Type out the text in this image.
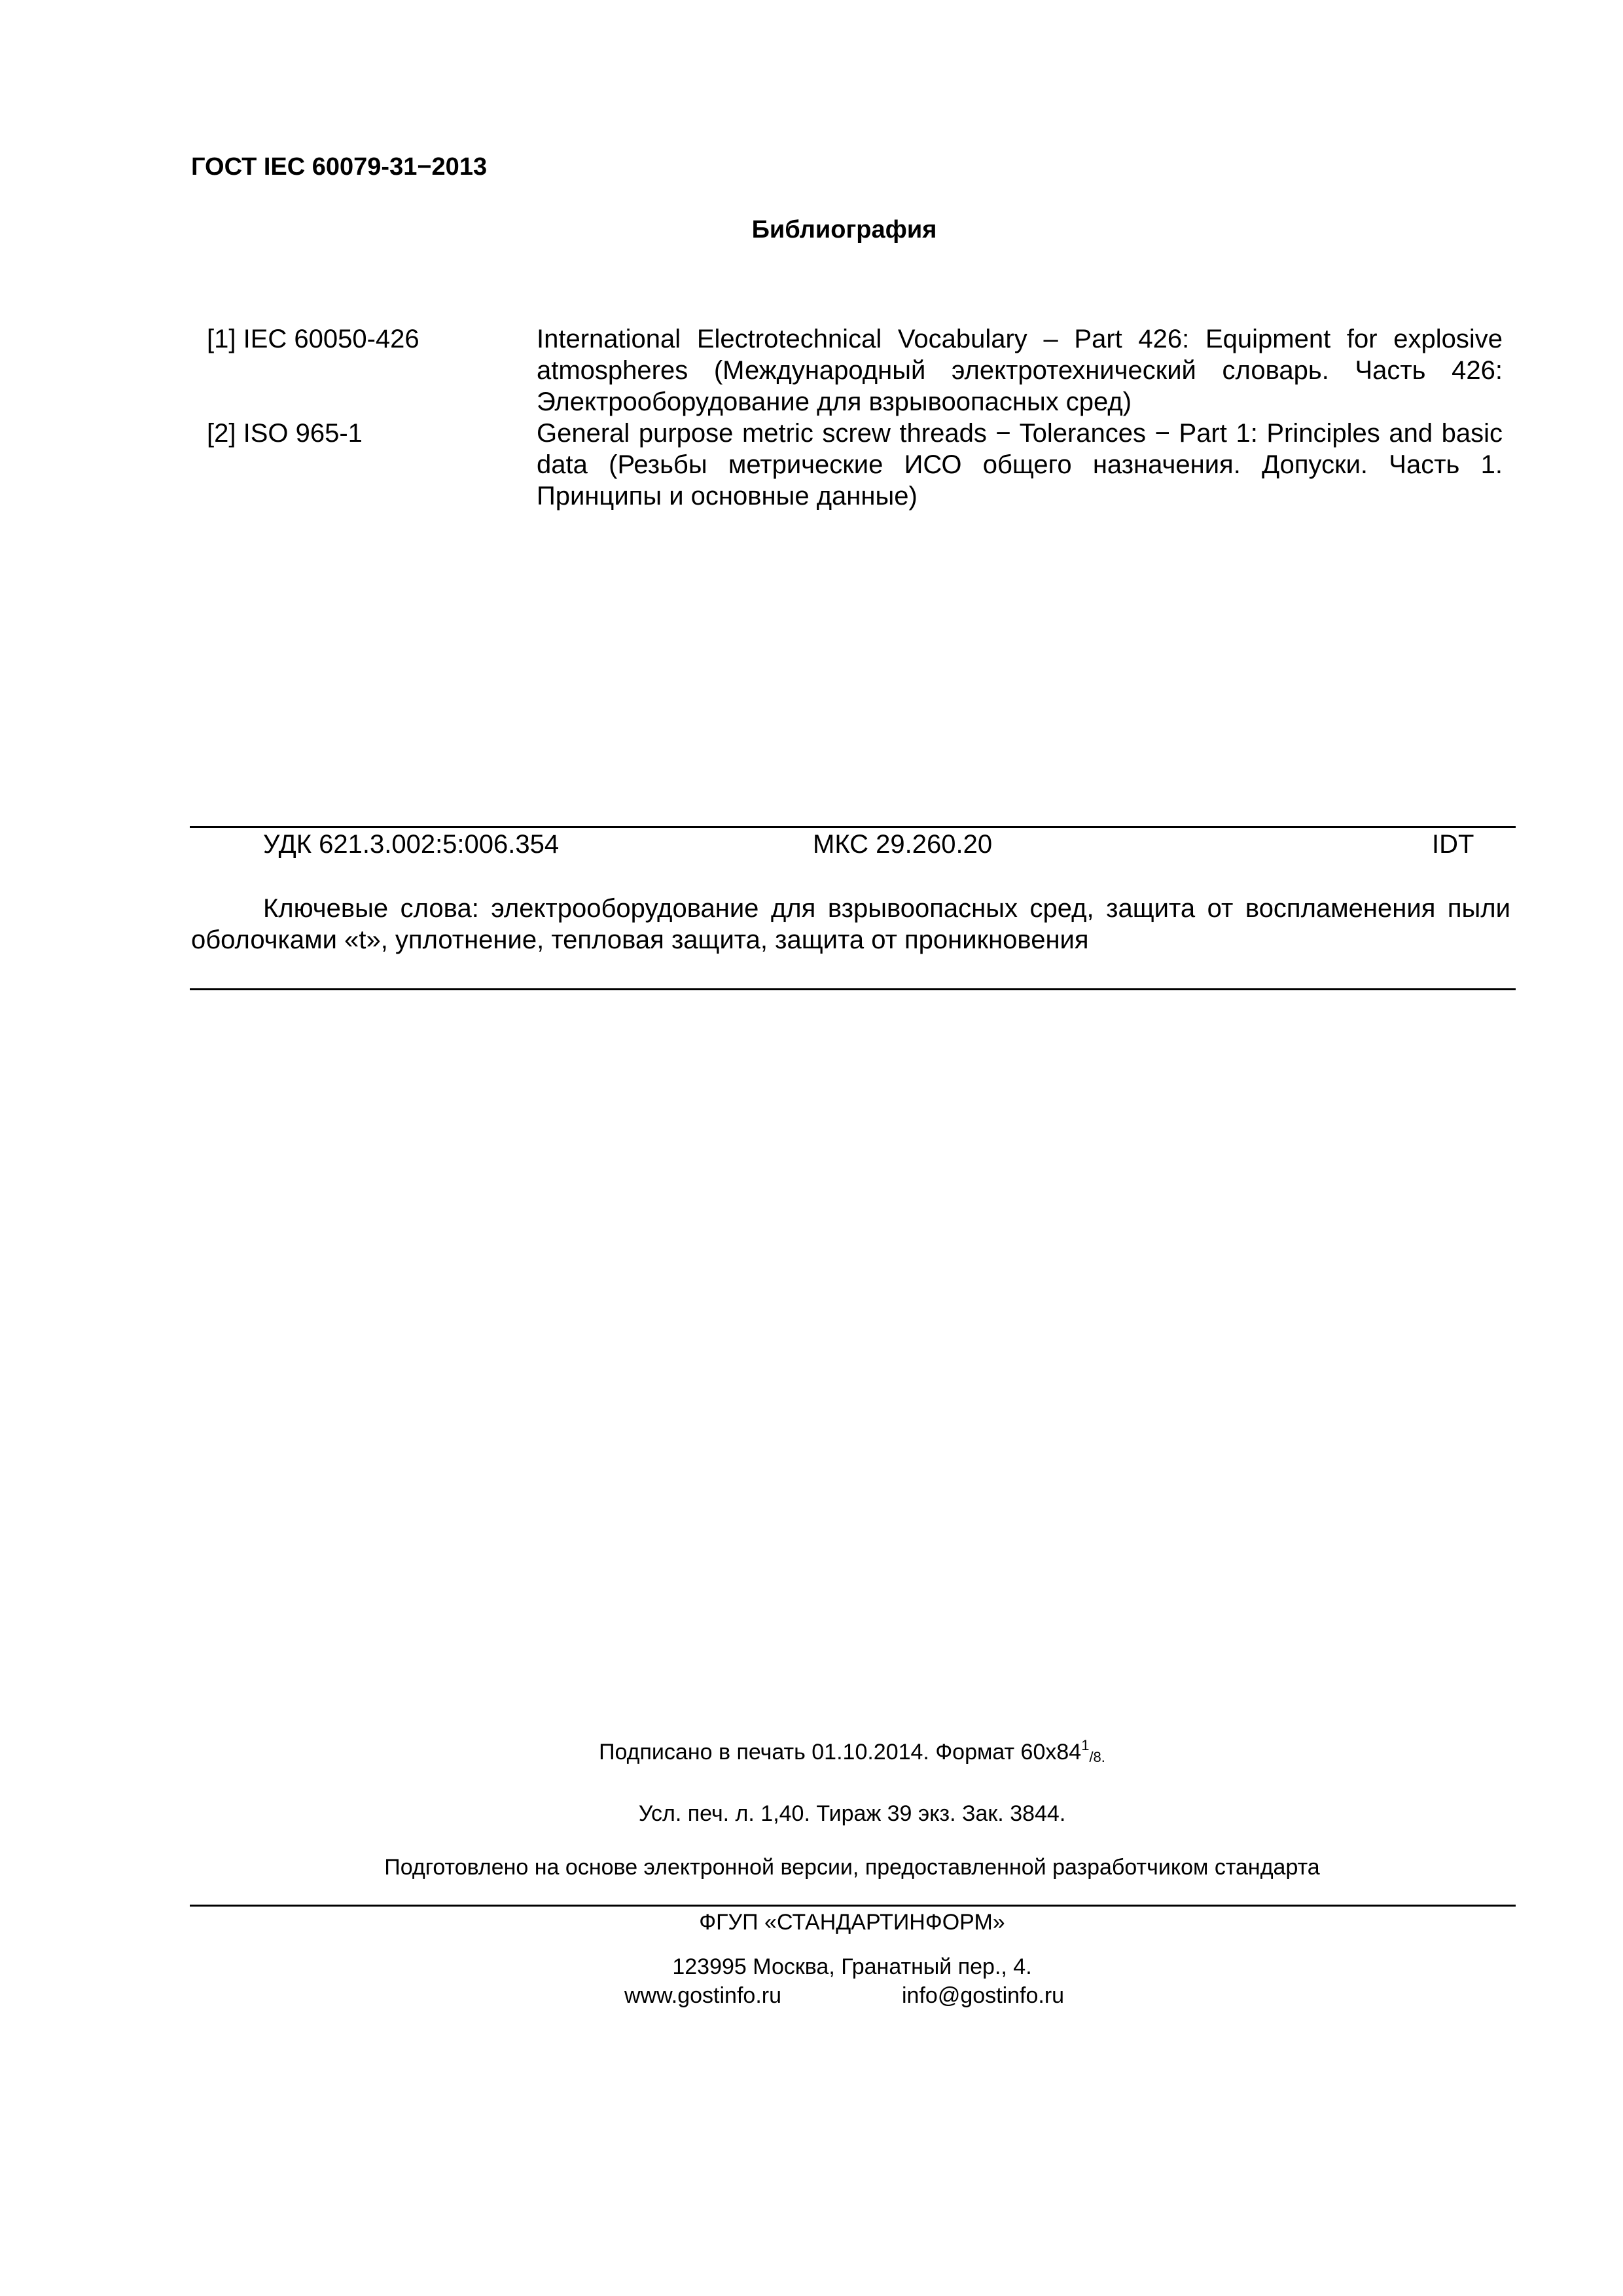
ГОСТ IEC 60079-31−2013
Библиография
[1] IEC 60050-426	International Electrotechnical Vocabulary – Part 426: Equipment for explosive atmospheres (Международный электротехнический словарь. Часть 426: Электрооборудование для взрывоопасных сред)
[2] ISO 965-1	General purpose metric screw threads − Tolerances − Part 1: Principles and basic data (Резьбы метрические ИСО общего назначения. Допуски. Часть 1. Принципы и основные данные)
УДК 621.3.002:5:006.354	МКС 29.260.20	IDT
Ключевые слова: электрооборудование для взрывоопасных сред, защита от воспламенения пыли оболочками «t», уплотнение, тепловая защита, защита от проникновения
Подписано в печать 01.10.2014. Формат $60х84^1/8$.
Усл. печ. л. 1,40. Тираж 39 экз. Зак. 3844.
Подготовлено на основе электронной версии, предоставленной разработчиком стандарта
ФГУП «СТАНДАРТИНФОРМ»
123995 Москва, Гранатный пер., 4.
www.gostinfo.ru	info@gostinfo.ru
